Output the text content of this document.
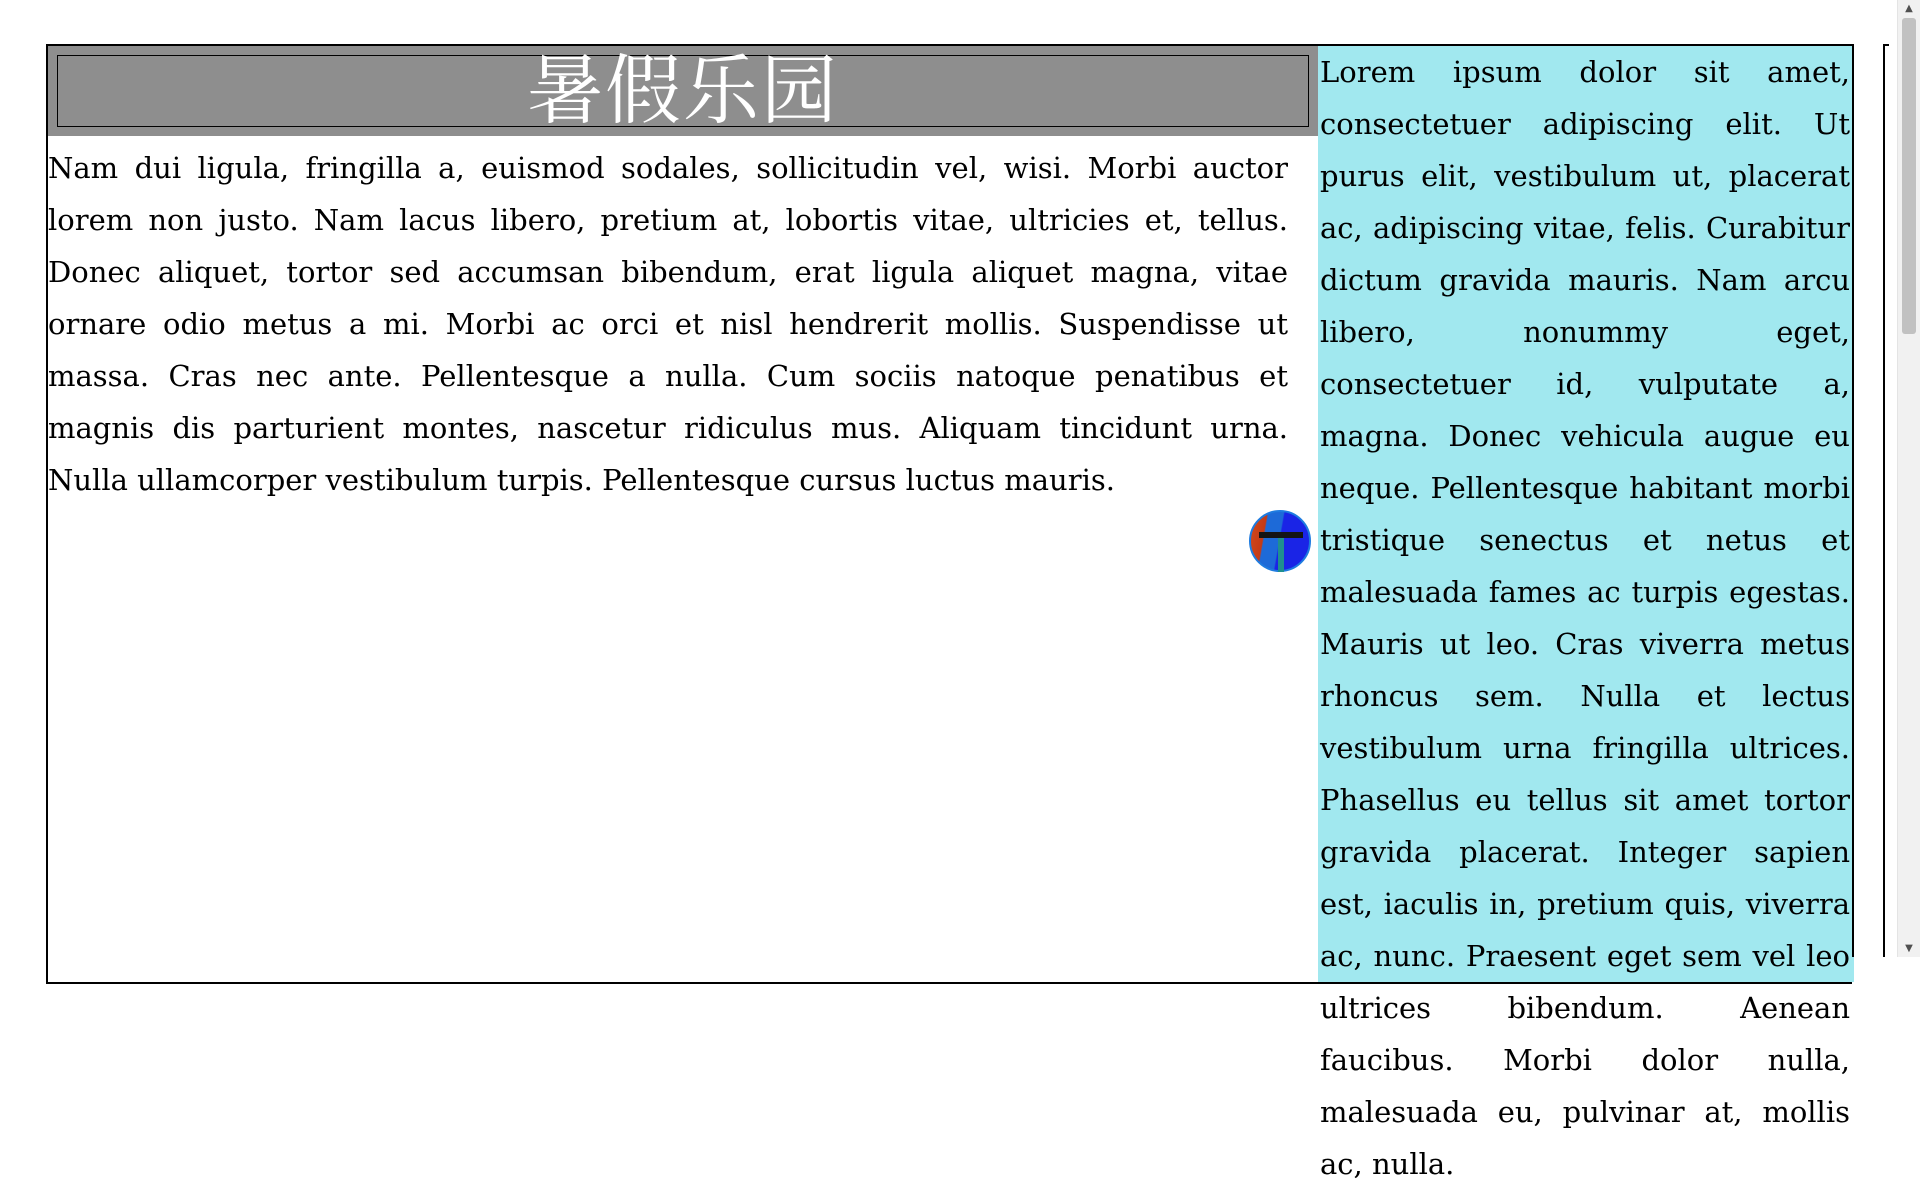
暑假乐园

Nam dui ligula, fringilla a, euismod sodales, sollicitudin vel, wisi. Morbi auctor lorem non justo. Nam lacus libero, pretium at, lobortis vitae, ultricies et, tellus. Donec aliquet, tortor sed accumsan bibendum, erat ligula aliquet magna, vitae ornare odio metus a mi. Morbi ac orci et nisl hendrerit mollis. Suspendisse ut massa. Cras nec ante. Pellentesque a nulla. Cum sociis natoque penatibus et magnis dis parturient montes, nascetur ridiculus mus. Aliquam tincidunt urna. Nulla ullamcorper vestibulum turpis. Pellentesque cursus luctus mauris.

Lorem ipsum dolor sit amet, consectetuer adipiscing elit. Ut purus elit, vestibulum ut, placerat ac, adipiscing vitae, felis. Curabitur dictum gravida mauris. Nam arcu libero, nonummy eget, consectetuer id, vulputate a, magna. Donec vehicula augue eu neque. Pellentesque habitant morbi tristique senectus et netus et malesuada fames ac turpis egestas. Mauris ut leo. Cras viverra metus rhoncus sem. Nulla et lectus vestibulum urna fringilla ultrices. Phasellus eu tellus sit amet tortor gravida placerat. Integer sapien est, iaculis in, pretium quis, viverra ac, nunc. Praesent eget sem vel leo ultrices bibendum. Aenean faucibus. Morbi dolor nulla, malesuada eu, pulvinar at, mollis ac, nulla.

▲
▼
